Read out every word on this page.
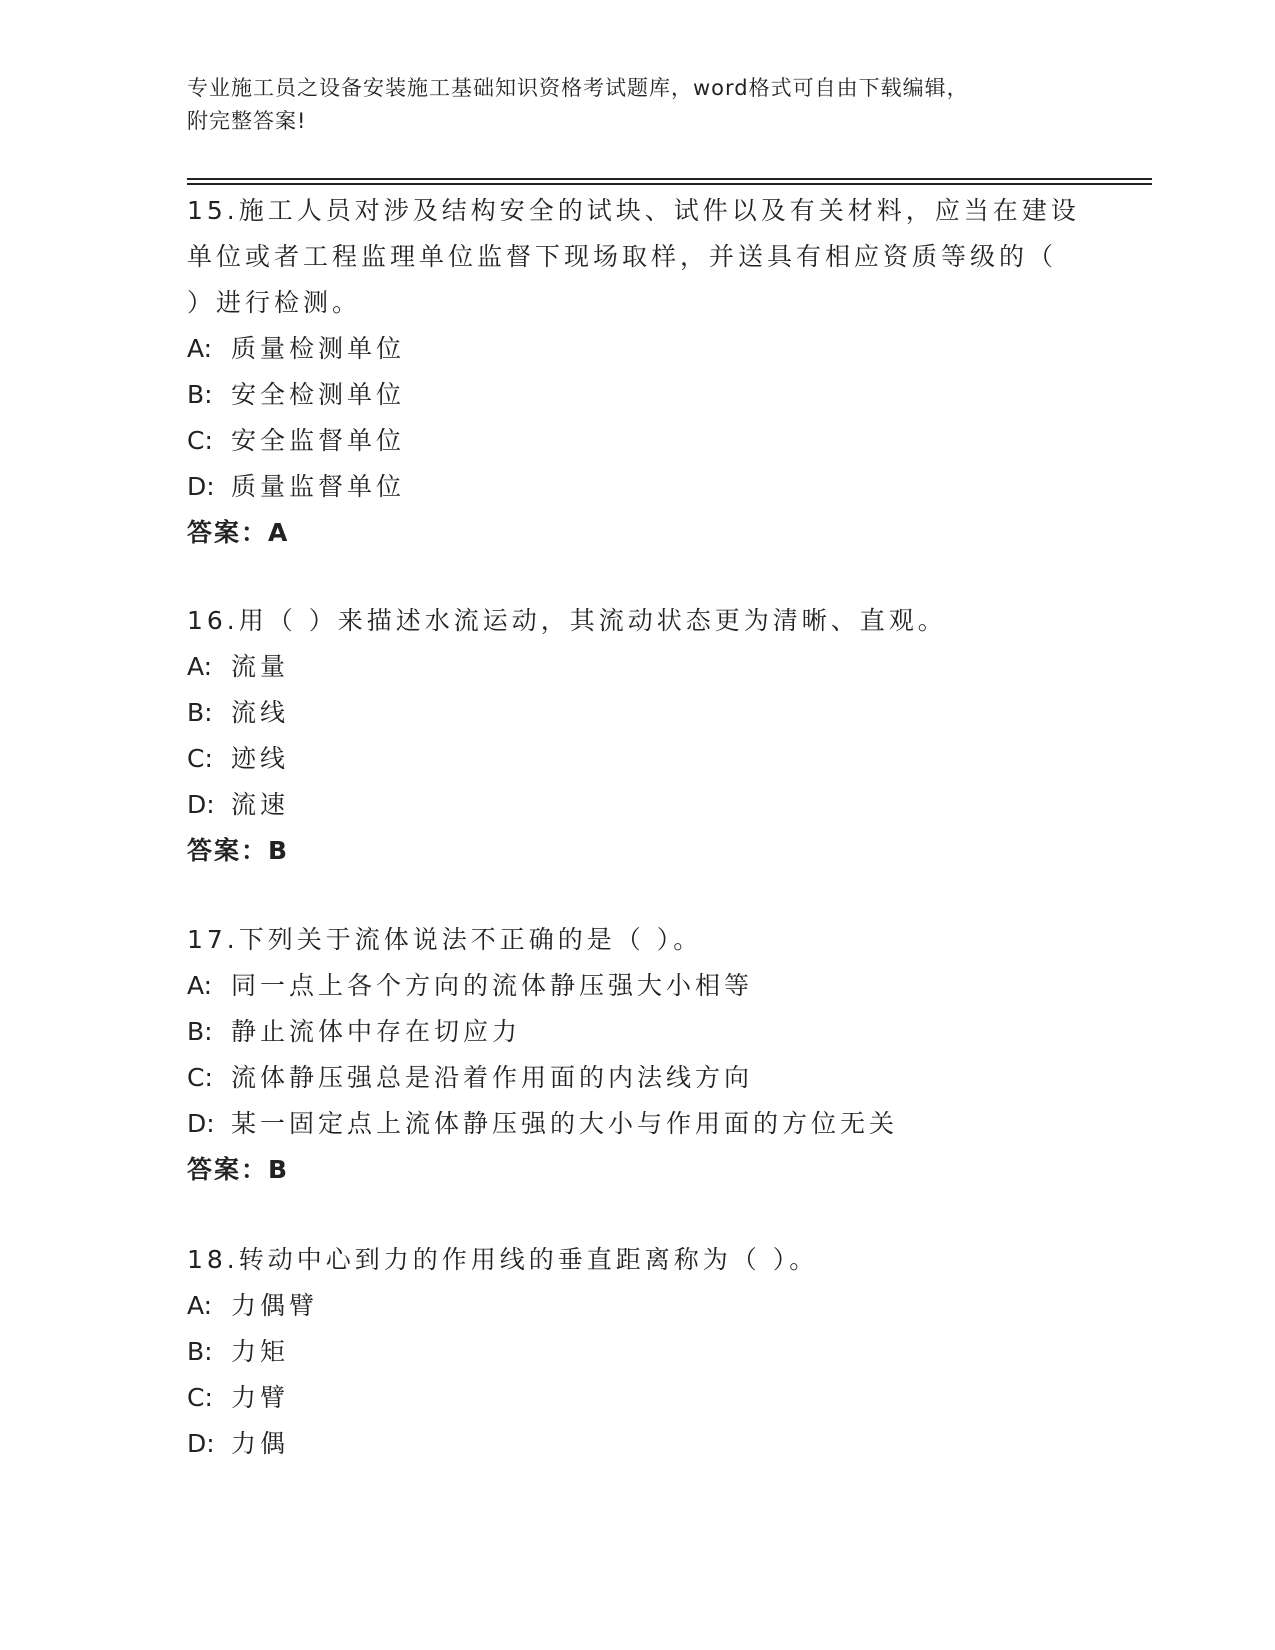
专业施工员之设备安装施工基础知识资格考试题库，word格式可自由下载编辑，
附完整答案!

15.施工人员对涉及结构安全的试块、试件以及有关材料，应当在建设

单位或者工程监理单位监督下现场取样，并送具有相应资质等级的（

）进行检测。

A: 质量检测单位

B: 安全检测单位

C: 安全监督单位

D: 质量监督单位

答案：A

16.用（ ）来描述水流运动，其流动状态更为清晰、直观。

A: 流量

B: 流线

C: 迹线

D: 流速

答案：B

17.下列关于流体说法不正确的是（ ）。

A: 同一点上各个方向的流体静压强大小相等

B: 静止流体中存在切应力

C: 流体静压强总是沿着作用面的内法线方向

D: 某一固定点上流体静压强的大小与作用面的方位无关

答案：B

18.转动中心到力的作用线的垂直距离称为（ ）。

A: 力偶臂

B: 力矩

C: 力臂

D: 力偶
